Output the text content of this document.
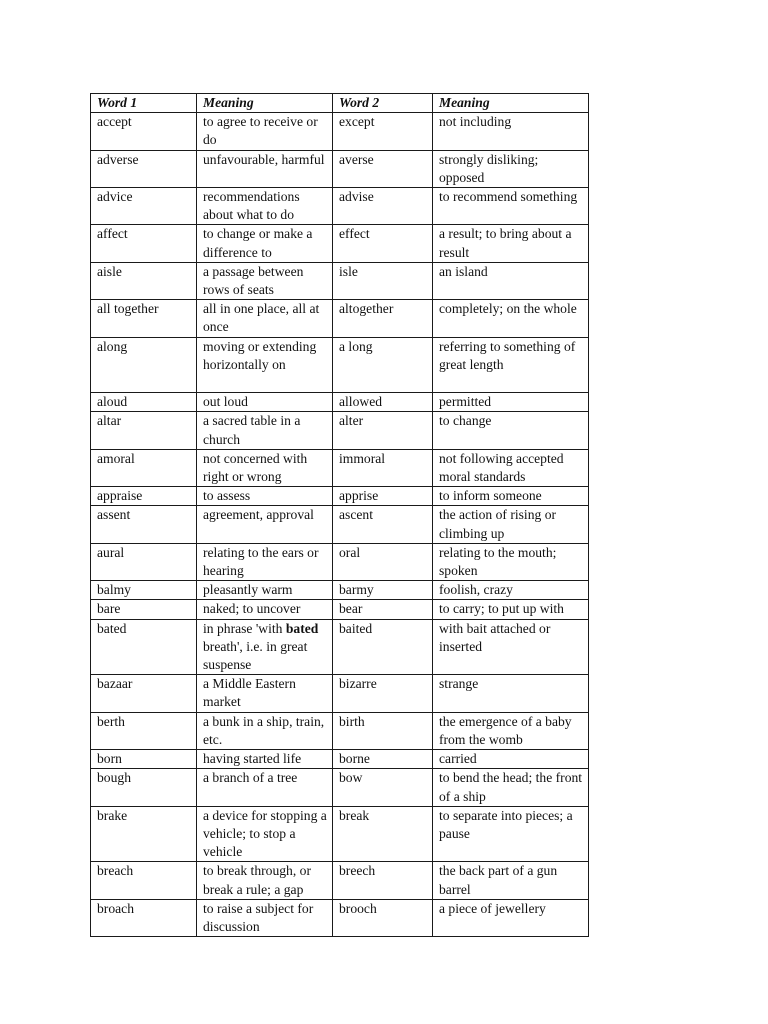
Word 1	Meaning	Word 2	Meaning
accept	to agree to receive or do	except	not including
adverse	unfavourable, harmful	averse	strongly disliking; opposed
advice	recommendations about what to do	advise	to recommend something
affect	to change or make a difference to	effect	a result; to bring about a result
aisle	a passage between rows of seats	isle	an island
all together	all in one place, all at once	altogether	completely; on the whole
along	moving or extending horizontally on	a long	referring to something of great length
aloud	out loud	allowed	permitted
altar	a sacred table in a church	alter	to change
amoral	not concerned with right or wrong	immoral	not following accepted moral standards
appraise	to assess	apprise	to inform someone
assent	agreement, approval	ascent	the action of rising or climbing up
aural	relating to the ears or hearing	oral	relating to the mouth; spoken
balmy	pleasantly warm	barmy	foolish, crazy
bare	naked; to uncover	bear	to carry; to put up with
bated	in phrase 'with bated breath', i.e. in great suspense	baited	with bait attached or inserted
bazaar	a Middle Eastern market	bizarre	strange
berth	a bunk in a ship, train, etc.	birth	the emergence of a baby from the womb
born	having started life	borne	carried
bough	a branch of a tree	bow	to bend the head; the front of a ship
brake	a device for stopping a vehicle; to stop a vehicle	break	to separate into pieces; a pause
breach	to break through, or break a rule; a gap	breech	the back part of a gun barrel
broach	to raise a subject for discussion	brooch	a piece of jewellery
